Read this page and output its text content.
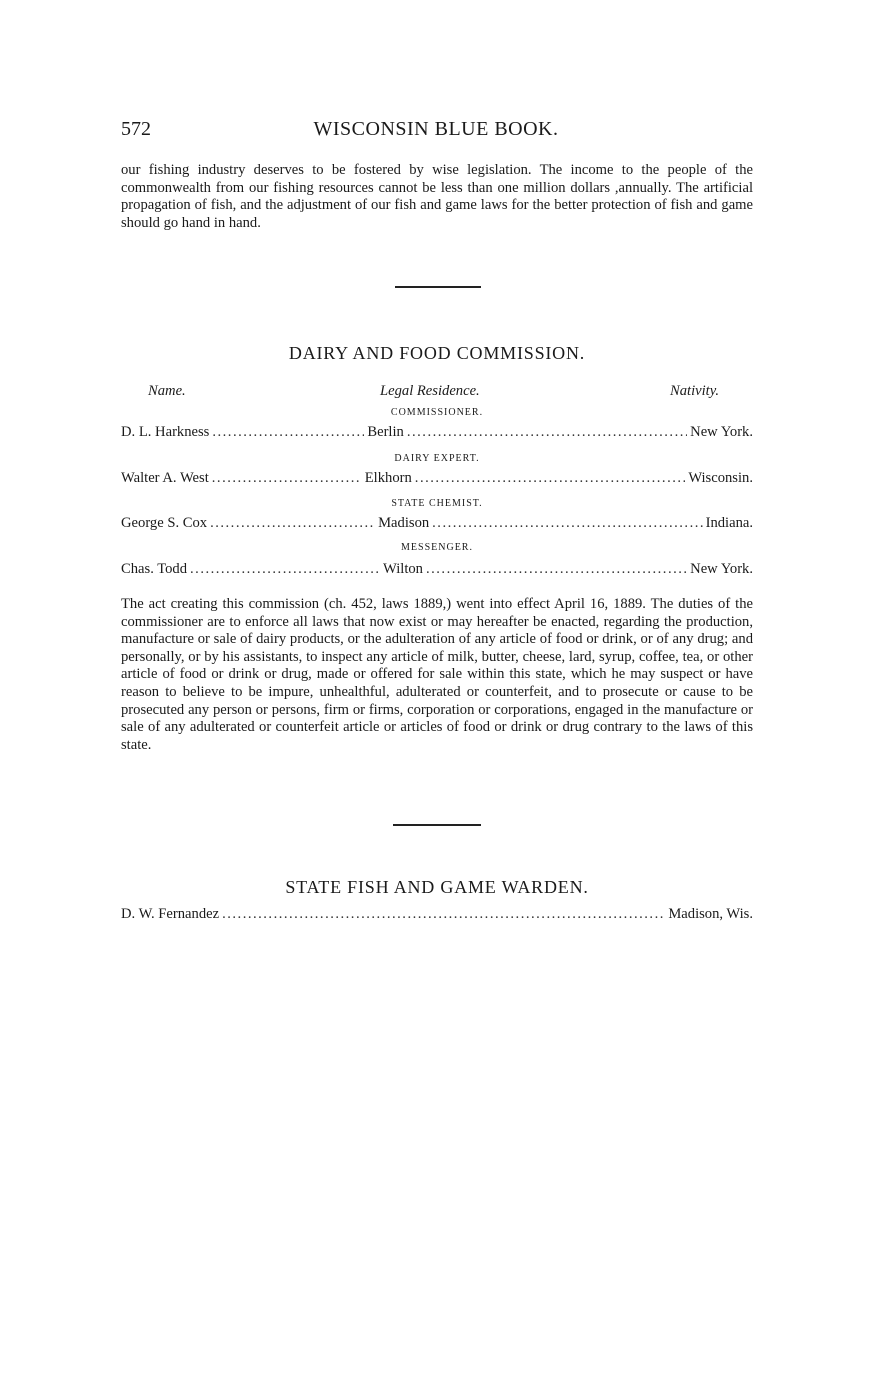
572	WISCONSIN BLUE BOOK.
our fishing industry deserves to be fostered by wise legislation. The income to the people of the commonwealth from our fishing resources cannot be less than one million dollars ,annually. The artificial propagation of fish, and the adjustment of our fish and game laws for the better protection of fish and game should go hand in hand.
DAIRY AND FOOD COMMISSION.
Name.	Legal Residence.	Nativity.
COMMISSIONER.
D. L. Harkness .....	Berlin .....	New York.
DAIRY EXPERT.
Walter A. West .....	Elkhorn .....	Wisconsin.
STATE CHEMIST.
George S. Cox .....	Madison .....	Indiana.
MESSENGER.
Chas. Todd .....	Wilton .....	New York.
The act creating this commission (ch. 452, laws 1889,) went into effect April 16, 1889. The duties of the commissioner are to enforce all laws that now exist or may hereafter be enacted, regarding the production, manufacture or sale of dairy products, or the adulteration of any article of food or drink, or of any drug; and personally, or by his assistants, to inspect any article of milk, butter, cheese, lard, syrup, coffee, tea, or other article of food or drink or drug, made or offered for sale within this state, which he may suspect or have reason to believe to be impure, unhealthful, adulterated or counterfeit, and to prosecute or cause to be prosecuted any person or persons, firm or firms, corporation or corporations, engaged in the manufacture or sale of any adulterated or counterfeit article or articles of food or drink or drug contrary to the laws of this state.
STATE FISH AND GAME WARDEN.
D. W. Fernandez .....	Madison, Wis.
